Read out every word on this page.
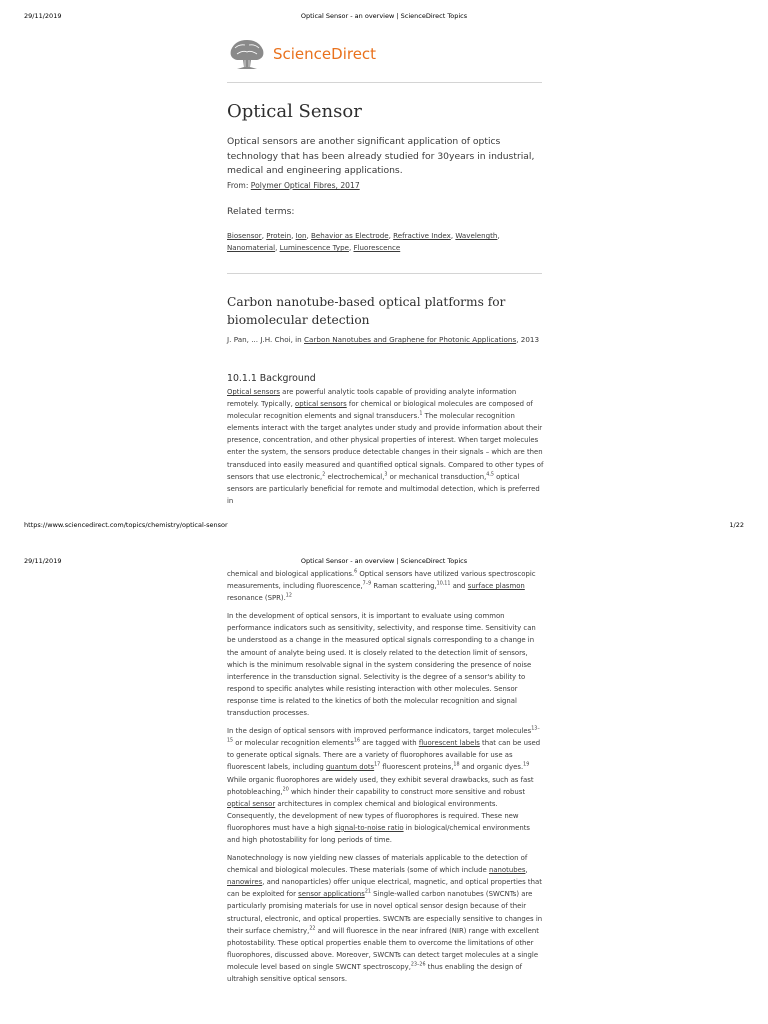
29/11/2019	Optical Sensor - an overview | ScienceDirect Topics
ScienceDirect
Optical Sensor
Optical sensors are another significant application of optics technology that has been already studied for 30years in industrial, medical and engineering applications.
From: Polymer Optical Fibres, 2017
Related terms:
Biosensor, Protein, Ion, Behavior as Electrode, Refractive Index, Wavelength, Nanomaterial, Luminescence Type, Fluorescence
Carbon nanotube-based optical platforms for biomolecular detection
J. Pan, ... J.H. Choi, in Carbon Nanotubes and Graphene for Photonic Applications, 2013
10.1.1 Background

Optical sensors are powerful analytic tools capable of providing analyte information remotely. Typically, optical sensors for chemical or biological molecules are composed of molecular recognition elements and signal transducers.$^1$ The molecular recognition elements interact with the target analytes under study and provide information about their presence, concentration, and other physical properties of interest. When target molecules enter the system, the sensors produce detectable changes in their signals – which are then transduced into easily measured and quantified optical signals. Compared to other types of sensors that use electronic,$^2$ electrochemical,$^3$ or mechanical transduction,$^{4,5}$ optical sensors are particularly beneficial for remote and multimodal detection, which is preferred in

https://www.sciencedirect.com/topics/chemistry/optical-sensor	1/22
29/11/2019	Optical Sensor - an overview | ScienceDirect Topics

chemical and biological applications.$^6$ Optical sensors have utilized various spectroscopic measurements, including fluorescence,$^{7-9}$ Raman scattering,$^{10,11}$ and surface plasmon resonance (SPR).$^{12}$

In the development of optical sensors, it is important to evaluate using common performance indicators such as sensitivity, selectivity, and response time. Sensitivity can be understood as a change in the measured optical signals corresponding to a change in the amount of analyte being used. It is closely related to the detection limit of sensors, which is the minimum resolvable signal in the system considering the presence of noise interference in the transduction signal. Selectivity is the degree of a sensor's ability to respond to specific analytes while resisting interaction with other molecules. Sensor response time is related to the kinetics of both the molecular recognition and signal transduction processes.

In the design of optical sensors with improved performance indicators, target molecules$^{13-15}$ or molecular recognition elements$^{16}$ are tagged with fluorescent labels that can be used to generate optical signals. There are a variety of fluorophores available for use as fluorescent labels, including quantum dots$^{17}$ fluorescent proteins,$^{18}$ and organic dyes.$^{19}$ While organic fluorophores are widely used, they exhibit several drawbacks, such as fast photobleaching,$^{20}$ which hinder their capability to construct more sensitive and robust optical sensor architectures in complex chemical and biological environments. Consequently, the development of new types of fluorophores is required. These new fluorophores must have a high signal-to-noise ratio in biological/chemical environments and high photostability for long periods of time.

Nanotechnology is now yielding new classes of materials applicable to the detection of chemical and biological molecules. These materials (some of which include nanotubes, nanowires, and nanoparticles) offer unique electrical, magnetic, and optical properties that can be exploited for sensor applications$^{21}$ Single-walled carbon nanotubes (SWCNTs) are particularly promising materials for use in novel optical sensor design because of their structural, electronic, and optical properties. SWCNTs are especially sensitive to changes in their surface chemistry,$^{22}$ and will fluoresce in the near infrared (NIR) range with excellent photostability. These optical properties enable them to overcome the limitations of other fluorophores, discussed above. Moreover, SWCNTs can detect target molecules at a single molecule level based on single SWCNT spectroscopy,$^{23-26}$ thus enabling the design of ultrahigh sensitive optical sensors.
